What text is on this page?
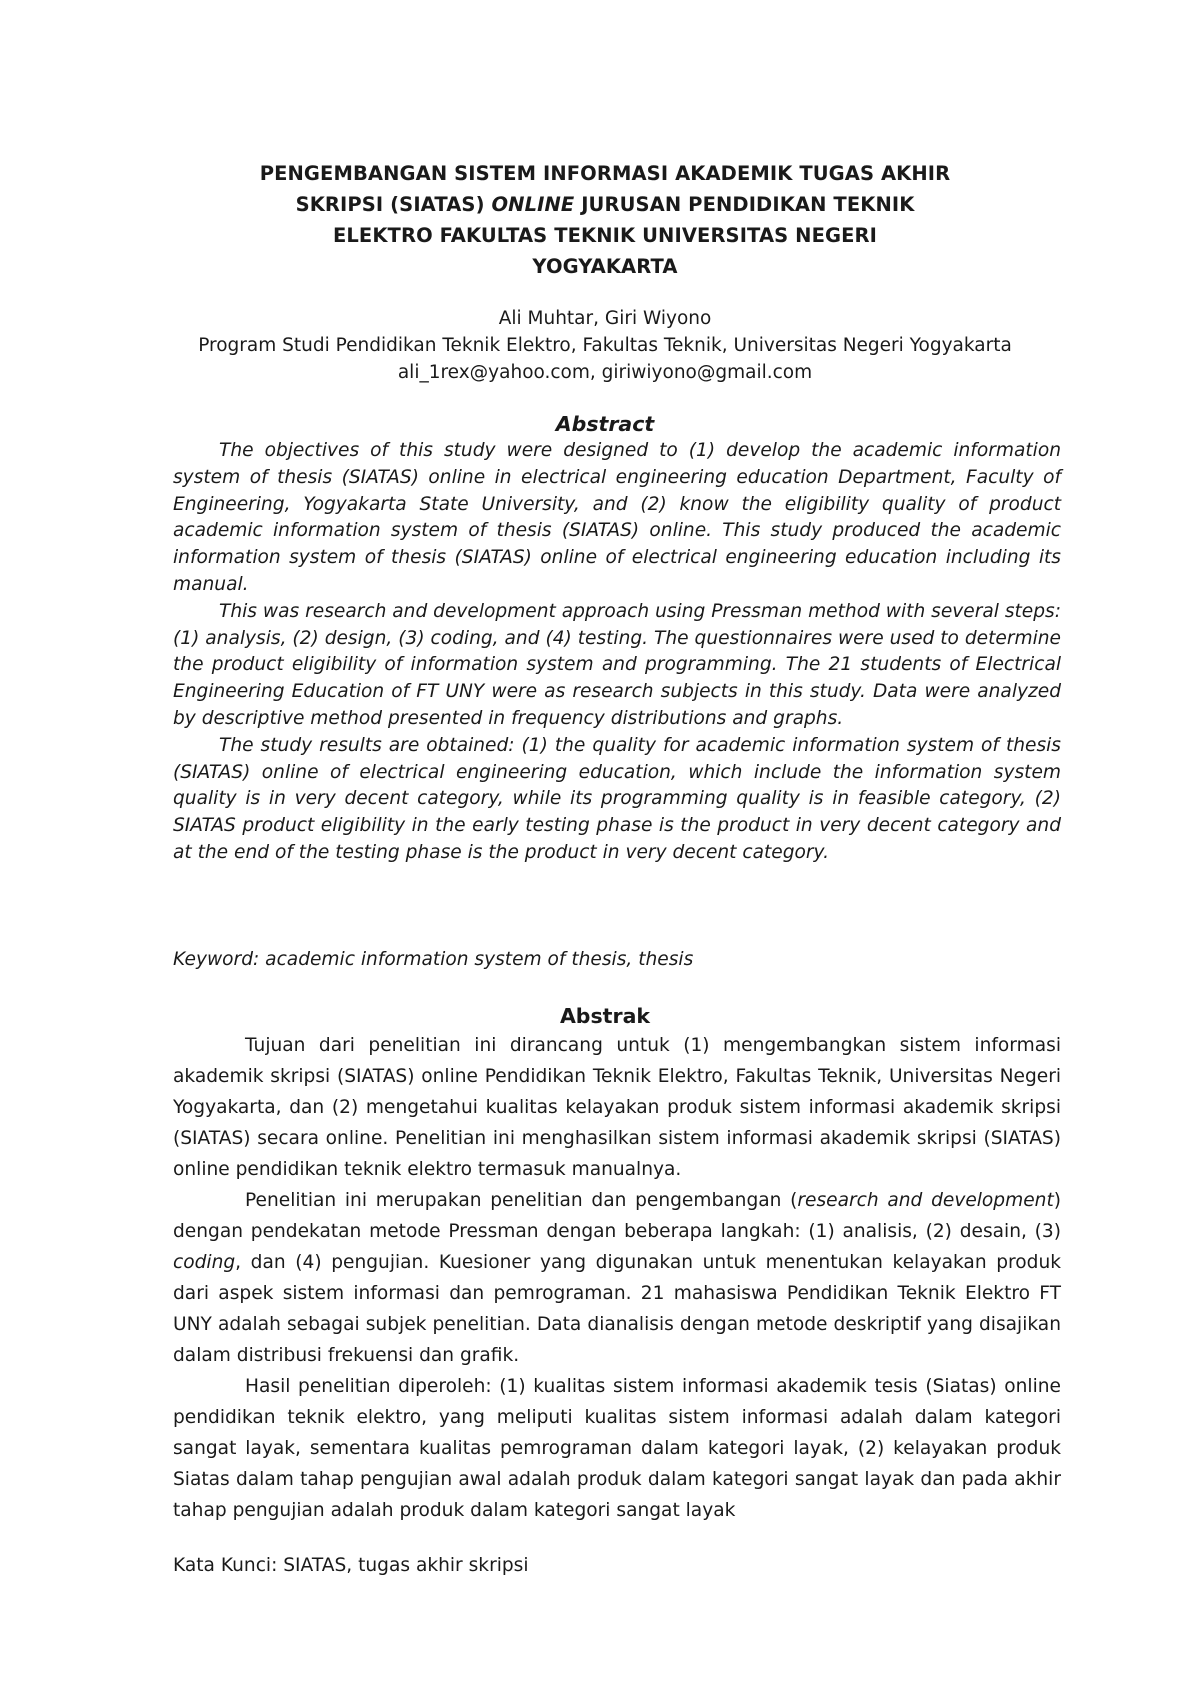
PENGEMBANGAN SISTEM INFORMASI AKADEMIK TUGAS AKHIR
SKRIPSI (SIATAS) ONLINE JURUSAN PENDIDIKAN TEKNIK
ELEKTRO FAKULTAS TEKNIK UNIVERSITAS NEGERI
YOGYAKARTA
Ali Muhtar, Giri Wiyono
Program Studi Pendidikan Teknik Elektro, Fakultas Teknik, Universitas Negeri Yogyakarta
ali_1rex@yahoo.com, giriwiyono@gmail.com
Abstract

The objectives of this study were designed to (1) develop the academic information system of thesis (SIATAS) online in electrical engineering education Department, Faculty of Engineering, Yogyakarta State University, and (2) know the eligibility quality of product academic information system of thesis (SIATAS) online. This study produced the academic information system of thesis (SIATAS) online of electrical engineering education including its manual.

This was research and development approach using Pressman method with several steps: (1) analysis, (2) design, (3) coding, and (4) testing. The questionnaires were used to determine the product eligibility of information system and programming. The 21 students of Electrical Engineering Education of FT UNY were as research subjects in this study. Data were analyzed by descriptive method presented in frequency distributions and graphs.

The study results are obtained: (1) the quality for academic information system of thesis (SIATAS) online of electrical engineering education, which include the information system quality is in very decent category, while its programming quality is in feasible category, (2) SIATAS product eligibility in the early testing phase is the product in very decent category and at the end of the testing phase is the product in very decent category.

Keyword: academic information system of thesis, thesis
Abstrak

Tujuan dari penelitian ini dirancang untuk (1) mengembangkan sistem informasi akademik skripsi (SIATAS) online Pendidikan Teknik Elektro, Fakultas Teknik, Universitas Negeri Yogyakarta, dan (2) mengetahui kualitas kelayakan produk sistem informasi akademik skripsi (SIATAS) secara online. Penelitian ini menghasilkan sistem informasi akademik skripsi (SIATAS) online pendidikan teknik elektro termasuk manualnya.

Penelitian ini merupakan penelitian dan pengembangan (research and development) dengan pendekatan metode Pressman dengan beberapa langkah: (1) analisis, (2) desain, (3) coding, dan (4) pengujian. Kuesioner yang digunakan untuk menentukan kelayakan produk dari aspek sistem informasi dan pemrograman. 21 mahasiswa Pendidikan Teknik Elektro FT UNY adalah sebagai subjek penelitian. Data dianalisis dengan metode deskriptif yang disajikan dalam distribusi frekuensi dan grafik.

Hasil penelitian diperoleh: (1) kualitas sistem informasi akademik tesis (Siatas) online pendidikan teknik elektro, yang meliputi kualitas sistem informasi adalah dalam kategori sangat layak, sementara kualitas pemrograman dalam kategori layak, (2) kelayakan produk Siatas dalam tahap pengujian awal adalah produk dalam kategori sangat layak dan pada akhir tahap pengujian adalah produk dalam kategori sangat layak

Kata Kunci: SIATAS, tugas akhir skripsi
